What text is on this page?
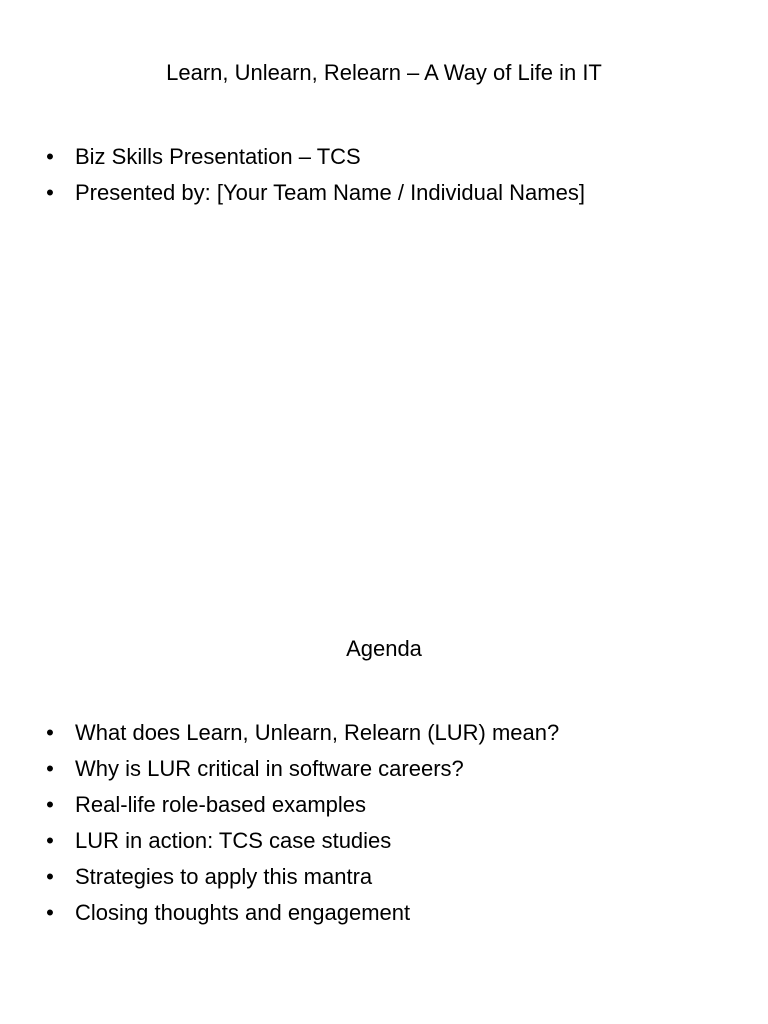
Learn, Unlearn, Relearn – A Way of Life in IT
• Biz Skills Presentation – TCS
• Presented by: [Your Team Name / Individual Names]
Agenda
• What does Learn, Unlearn, Relearn (LUR) mean?
• Why is LUR critical in software careers?
• Real-life role-based examples
• LUR in action: TCS case studies
• Strategies to apply this mantra
• Closing thoughts and engagement
